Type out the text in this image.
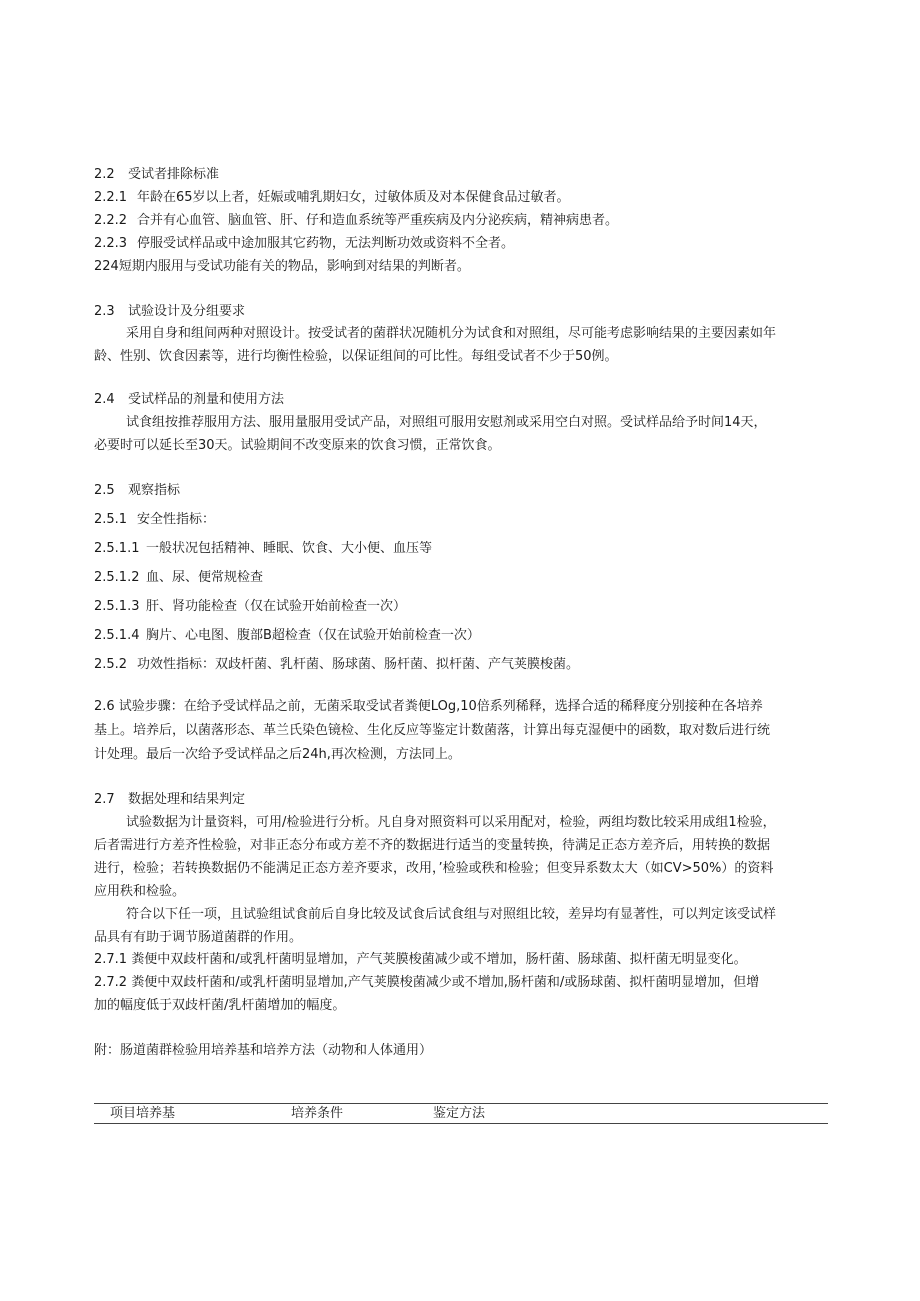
2.2 受试者排除标准
2.2.1 年龄在65岁以上者，妊娠或哺乳期妇女，过敏体质及对本保健食品过敏者。
2.2.2 合并有心血管、脑血管、肝、仔和造血系统等严重疾病及内分泌疾病，精神病患者。
2.2.3 停服受试样品或中途加服其它药物，无法判断功效或资料不全者。
224短期内服用与受试功能有关的物品，影响到对结果的判断者。
2.3 试验设计及分组要求
采用自身和组间两种对照设计。按受试者的菌群状况随机分为试食和对照组，尽可能考虑影响结果的主要因素如年
龄、性别、饮食因素等，进行均衡性检验，以保证组间的可比性。每组受试者不少于50例。
2.4 受试样品的剂量和使用方法
试食组按推荐服用方法、服用量服用受试产品，对照组可服用安慰剂或采用空白对照。受试样品给予时间14天，
必要时可以延长至30天。试验期间不改变原来的饮食习惯，正常饮食。
2.5 观察指标
2.5.1 安全性指标：
2.5.1.1 一般状况包括精神、睡眠、饮食、大小便、血压等
2.5.1.2 血、尿、便常规检查
2.5.1.3 肝、肾功能检查（仅在试验开始前检查一次）
2.5.1.4 胸片、心电图、腹部B超检查（仅在试验开始前检查一次）
2.5.2 功效性指标：双歧杆菌、乳杆菌、肠球菌、肠杆菌、拟杆菌、产气荚膜梭菌。
2.6 试验步骤：在给予受试样品之前，无菌采取受试者粪便LOg,10倍系列稀释，选择合适的稀释度分别接种在各培养
基上。培养后，以菌落形态、革兰氏染色镜检、生化反应等鉴定计数菌落，计算出每克湿便中的函数，取对数后进行统
计处理。最后一次给予受试样品之后24h,再次检测，方法同上。
2.7 数据处理和结果判定
试验数据为计量资料，可用/检验进行分析。凡自身对照资料可以采用配对，检验，两组均数比较采用成组1检验，
后者需进行方差齐性检验，对非正态分布或方差不齐的数据进行适当的变量转换，待满足正态方差齐后，用转换的数据
进行，检验；若转换数据仍不能满足正态方差齐要求，改用，’检验或秩和检验；但变异系数太大（如CV>50%）的资料
应用秩和检验。
符合以下任一项，且试验组试食前后自身比较及试食后试食组与对照组比较，差异均有显著性，可以判定该受试样
品具有有助于调节肠道菌群的作用。
2.7.1 粪便中双歧杆菌和/或乳杆菌明显增加，产气荚膜梭菌减少或不增加，肠杆菌、肠球菌、拟杆菌无明显变化。
2.7.2 粪便中双歧杆菌和/或乳杆菌明显增加,产气荚膜梭菌减少或不增加,肠杆菌和/或肠球菌、拟杆菌明显增加，但增
加的幅度低于双歧杆菌/乳杆菌增加的幅度。
附：肠道菌群检验用培养基和培养方法（动物和人体通用）
项目培养基	培养条件	鉴定方法
